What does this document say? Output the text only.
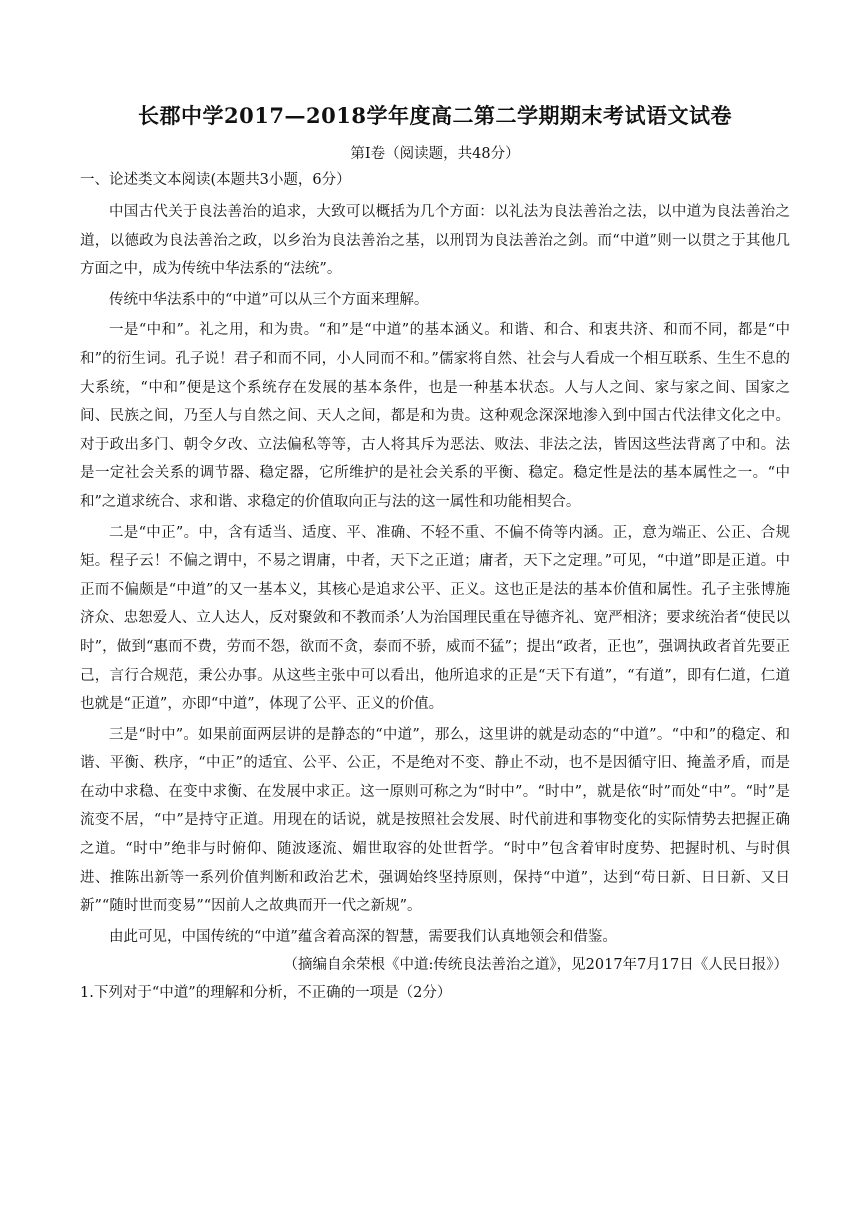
长郡中学2017—2018学年度高二第二学期期末考试语文试卷
第Ⅰ卷（阅读题，共48分）
一、论述类文本阅读(本题共3小题，6分）

中国古代关于良法善治的追求，大致可以概括为几个方面：以礼法为良法善治之法，以中道为良法善治之道，以德政为良法善治之政，以乡治为良法善治之基，以刑罚为良法善治之剑。而“中道”则一以贯之于其他几方面之中，成为传统中华法系的“法统”。

传统中华法系中的“中道”可以从三个方面来理解。

一是“中和”。礼之用，和为贵。“和”是“中道”的基本涵义。和谐、和合、和衷共济、和而不同，都是“中和”的衍生词。孔子说！君子和而不同，小人同而不和。”儒家将自然、社会与人看成一个相互联系、生生不息的大系统，“中和”便是这个系统存在发展的基本条件，也是一种基本状态。人与人之间、家与家之间、国家之间、民族之间，乃至人与自然之间、天人之间，都是和为贵。这种观念深深地渗入到中国古代法律文化之中。对于政出多门、朝令夕改、立法偏私等等，古人将其斥为恶法、败法、非法之法，皆因这些法背离了中和。法是一定社会关系的调节器、稳定器，它所维护的是社会关系的平衡、稳定。稳定性是法的基本属性之一。“中和”之道求统合、求和谐、求稳定的价值取向正与法的这一属性和功能相契合。

二是“中正”。中，含有适当、适度、平、准确、不轻不重、不偏不倚等内涵。正，意为端正、公正、合规矩。程子云！不偏之谓中，不易之谓庸，中者，天下之正道；庸者，天下之定理。”可见，“中道”即是正道。中正而不偏颇是“中道”的又一基本义，其核心是追求公平、正义。这也正是法的基本价值和属性。孔子主张博施济众、忠恕爱人、立人达人，反对聚敛和不教而杀’人为治国理民重在导德齐礼、宽严相济；要求统治者“使民以时”，做到“惠而不费，劳而不怨，欲而不贪，泰而不骄，威而不猛”；提出“政者，正也”，强调执政者首先要正己，言行合规范，秉公办事。从这些主张中可以看出，他所追求的正是“天下有道”，“有道”，即有仁道，仁道也就是“正道”，亦即“中道”，体现了公平、正义的价值。

三是“时中”。如果前面两层讲的是静态的“中道”，那么，这里讲的就是动态的“中道”。“中和”的稳定、和谐、平衡、秩序，“中正”的适宜、公平、公正，不是绝对不变、静止不动，也不是因循守旧、掩盖矛盾，而是在动中求稳、在变中求衡、在发展中求正。这一原则可称之为“时中”。“时中”，就是依“时”而处“中”。“时”是流变不居，“中”是持守正道。用现在的话说，就是按照社会发展、时代前进和事物变化的实际情势去把握正确之道。“时中”绝非与时俯仰、随波逐流、媚世取容的处世哲学。“时中”包含着审时度势、把握时机、与时俱进、推陈出新等一系列价值判断和政治艺术，强调始终坚持原则，保持“中道”，达到“苟日新、日日新、又日新”“随时世而变易”“因前人之故典而开一代之新规”。

由此可见，中国传统的“中道”蕴含着高深的智慧，需要我们认真地领会和借鉴。

（摘编自余荣根《中道:传统良法善治之道》，见2017年7月17日《人民日报》）
1.下列对于“中道”的理解和分析，不正确的一项是（2分）
